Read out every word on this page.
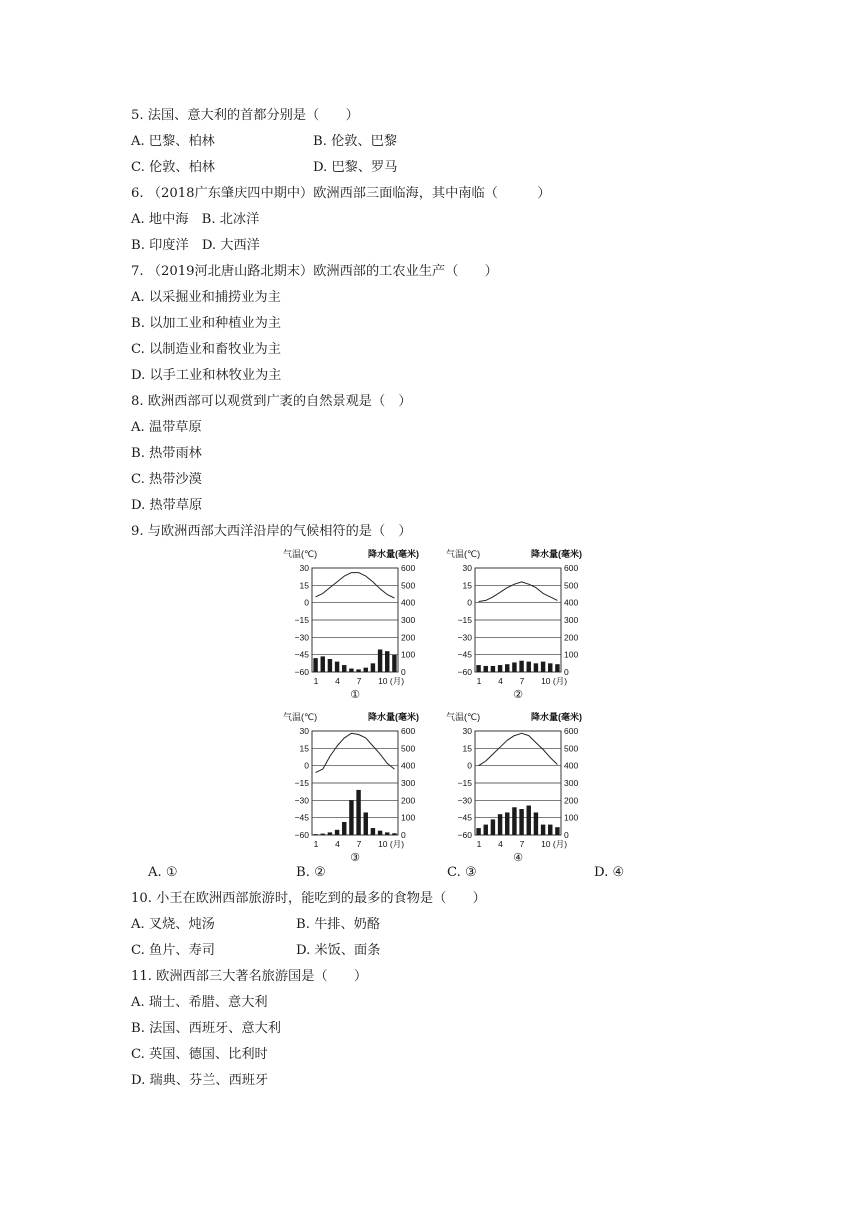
5. 法国、意大利的首都分别是（　　）
A. 巴黎、柏林	B. 伦敦、巴黎
C. 伦敦、柏林	D. 巴黎、罗马
6. （2018广东肇庆四中期中）欧洲西部三面临海，其中南临（　　　）
A. 地中海　B. 北冰洋
B. 印度洋　D. 大西洋
7. （2019河北唐山路北期末）欧洲西部的工农业生产（　　）
A. 以采掘业和捕捞业为主
B. 以加工业和种植业为主
C. 以制造业和畜牧业为主
D. 以手工业和林牧业为主
8. 欧洲西部可以观赏到广袤的自然景观是（　）
A. 温带草原
B. 热带雨林
C. 热带沙漠
D. 热带草原
9. 与欧洲西部大西洋沿岸的气候相符的是（　）
气温(℃)	降水量(毫米)
30	600
15	500
0	400
−15	300
−30	200
−45	100
−60	0
1 4 7 10 (月)
①
气温(℃)	降水量(毫米)
30	600
15	500
0	400
−15	300
−30	200
−45	100
−60	0
1 4 7 10 (月)
②
气温(℃)	降水量(毫米)
30	600
15	500
0	400
−15	300
−30	200
−45	100
−60	0
1 4 7 10 (月)
③
气温(℃)	降水量(毫米)
30	600
15	500
0	400
−15	300
−30	200
−45	100
−60	0
1 4 7 10 (月)
④
A. ①	B. ②	C. ③	D. ④
10. 小王在欧洲西部旅游时，能吃到的最多的食物是（　　）
A. 叉烧、炖汤	B. 牛排、奶酪
C. 鱼片、寿司	D. 米饭、面条
11. 欧洲西部三大著名旅游国是（　　）
A. 瑞士、希腊、意大利
B. 法国、西班牙、意大利
C. 英国、德国、比利时
D. 瑞典、芬兰、西班牙
